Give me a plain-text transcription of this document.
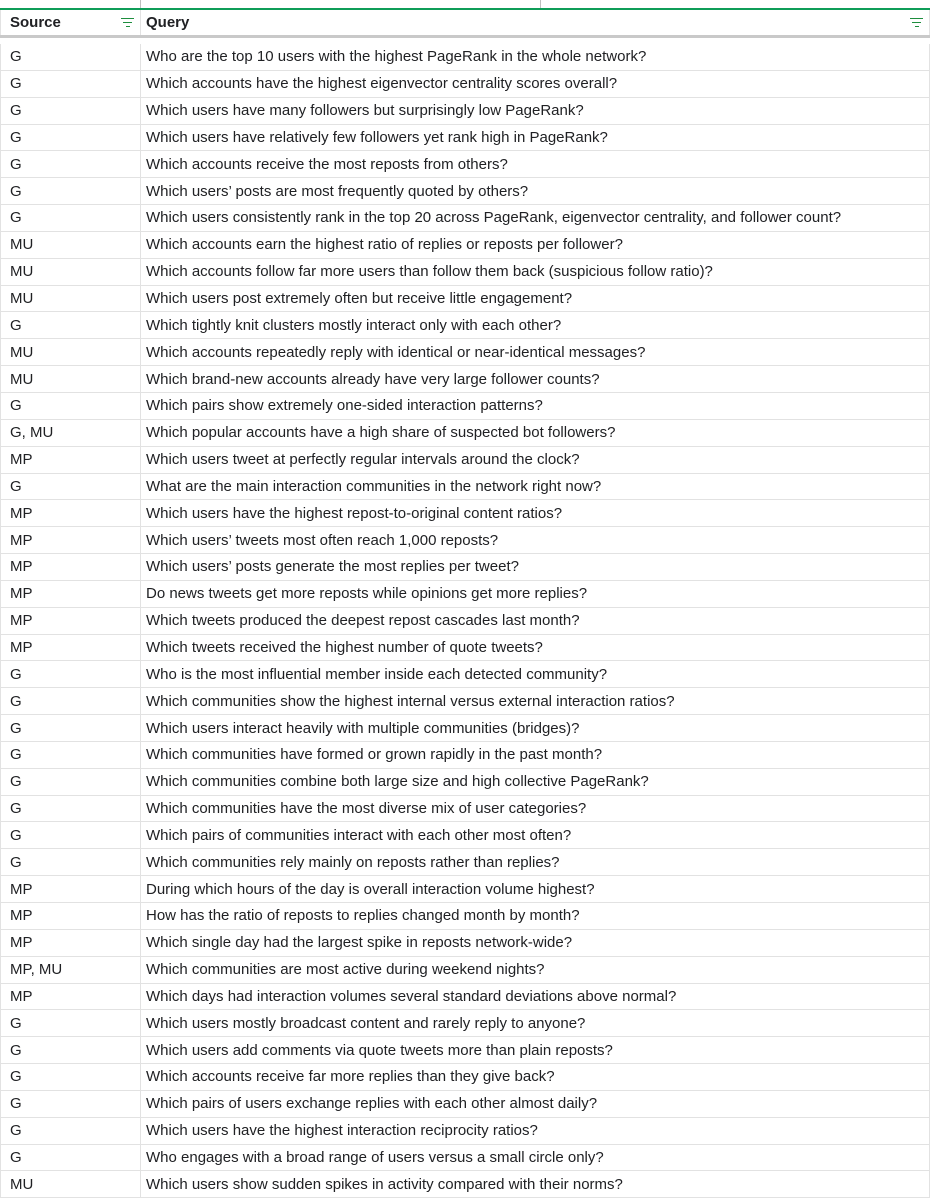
Source	Query
G	Who are the top 10 users with the highest PageRank in the whole network?
G	Which accounts have the highest eigenvector centrality scores overall?
G	Which users have many followers but surprisingly low PageRank?
G	Which users have relatively few followers yet rank high in PageRank?
G	Which accounts receive the most reposts from others?
G	Which users’ posts are most frequently quoted by others?
G	Which users consistently rank in the top 20 across PageRank, eigenvector centrality, and follower count?
MU	Which accounts earn the highest ratio of replies or reposts per follower?
MU	Which accounts follow far more users than follow them back (suspicious follow ratio)?
MU	Which users post extremely often but receive little engagement?
G	Which tightly knit clusters mostly interact only with each other?
MU	Which accounts repeatedly reply with identical or near-identical messages?
MU	Which brand-new accounts already have very large follower counts?
G	Which pairs show extremely one-sided interaction patterns?
G, MU	Which popular accounts have a high share of suspected bot followers?
MP	Which users tweet at perfectly regular intervals around the clock?
G	What are the main interaction communities in the network right now?
MP	Which users have the highest repost-to-original content ratios?
MP	Which users’ tweets most often reach 1,000 reposts?
MP	Which users’ posts generate the most replies per tweet?
MP	Do news tweets get more reposts while opinions get more replies?
MP	Which tweets produced the deepest repost cascades last month?
MP	Which tweets received the highest number of quote tweets?
G	Who is the most influential member inside each detected community?
G	Which communities show the highest internal versus external interaction ratios?
G	Which users interact heavily with multiple communities (bridges)?
G	Which communities have formed or grown rapidly in the past month?
G	Which communities combine both large size and high collective PageRank?
G	Which communities have the most diverse mix of user categories?
G	Which pairs of communities interact with each other most often?
G	Which communities rely mainly on reposts rather than replies?
MP	During which hours of the day is overall interaction volume highest?
MP	How has the ratio of reposts to replies changed month by month?
MP	Which single day had the largest spike in reposts network-wide?
MP, MU	Which communities are most active during weekend nights?
MP	Which days had interaction volumes several standard deviations above normal?
G	Which users mostly broadcast content and rarely reply to anyone?
G	Which users add comments via quote tweets more than plain reposts?
G	Which accounts receive far more replies than they give back?
G	Which pairs of users exchange replies with each other almost daily?
G	Which users have the highest interaction reciprocity ratios?
G	Who engages with a broad range of users versus a small circle only?
MU	Which users show sudden spikes in activity compared with their norms?
